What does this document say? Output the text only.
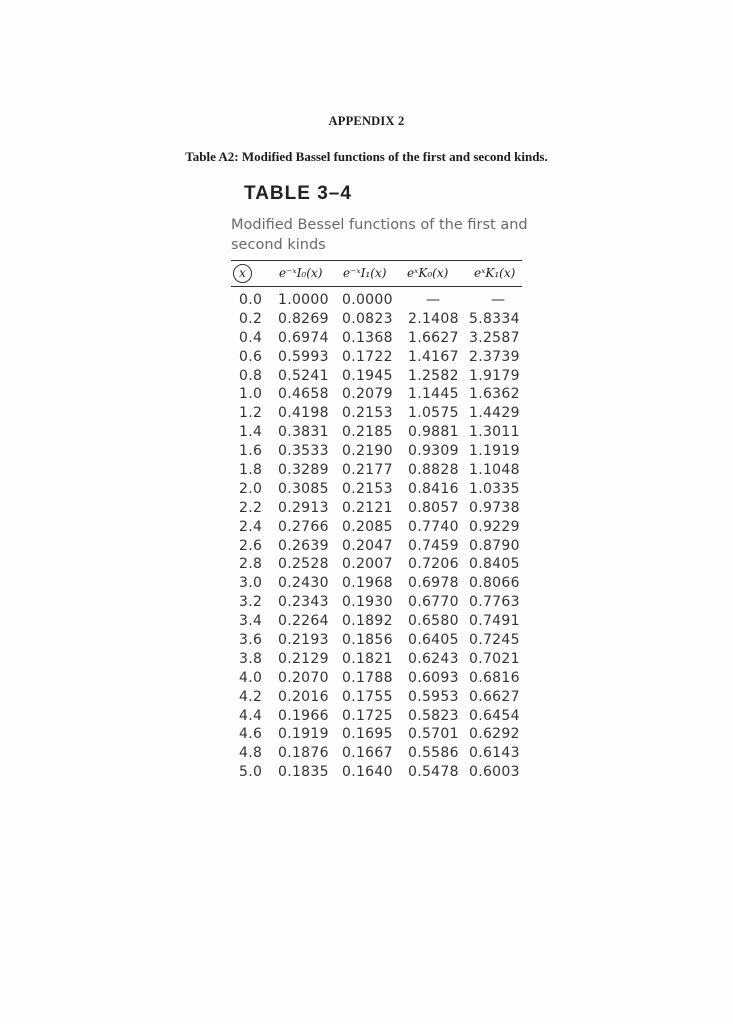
APPENDIX 2
Table A2: Modified Bassel functions of the first and second kinds.
TABLE 3–4
Modified Bessel functions of the first and second kinds
x	e⁻ˣI₀(x) e⁻ˣI₁(x) eˣK₀(x) eˣK₁(x)
0.0 1.0000 0.0000 —	—
0.2 0.8269 0.0823 2.1408 5.8334
0.4 0.6974 0.1368 1.6627 3.2587
0.6 0.5993 0.1722 1.4167 2.3739
0.8 0.5241 0.1945 1.2582 1.9179
1.0 0.4658 0.2079 1.1445 1.6362
1.2 0.4198 0.2153 1.0575 1.4429
1.4 0.3831 0.2185 0.9881 1.3011
1.6 0.3533 0.2190 0.9309 1.1919
1.8 0.3289 0.2177 0.8828 1.1048
2.0 0.3085 0.2153 0.8416 1.0335
2.2 0.2913 0.2121 0.8057 0.9738
2.4 0.2766 0.2085 0.7740 0.9229
2.6 0.2639 0.2047 0.7459 0.8790
2.8 0.2528 0.2007 0.7206 0.8405
3.0 0.2430 0.1968 0.6978 0.8066
3.2 0.2343 0.1930 0.6770 0.7763
3.4 0.2264 0.1892 0.6580 0.7491
3.6 0.2193 0.1856 0.6405 0.7245
3.8 0.2129 0.1821 0.6243 0.7021
4.0 0.2070 0.1788 0.6093 0.6816
4.2 0.2016 0.1755 0.5953 0.6627
4.4 0.1966 0.1725 0.5823 0.6454
4.6 0.1919 0.1695 0.5701 0.6292
4.8 0.1876 0.1667 0.5586 0.6143
5.0 0.1835 0.1640 0.5478 0.6003
